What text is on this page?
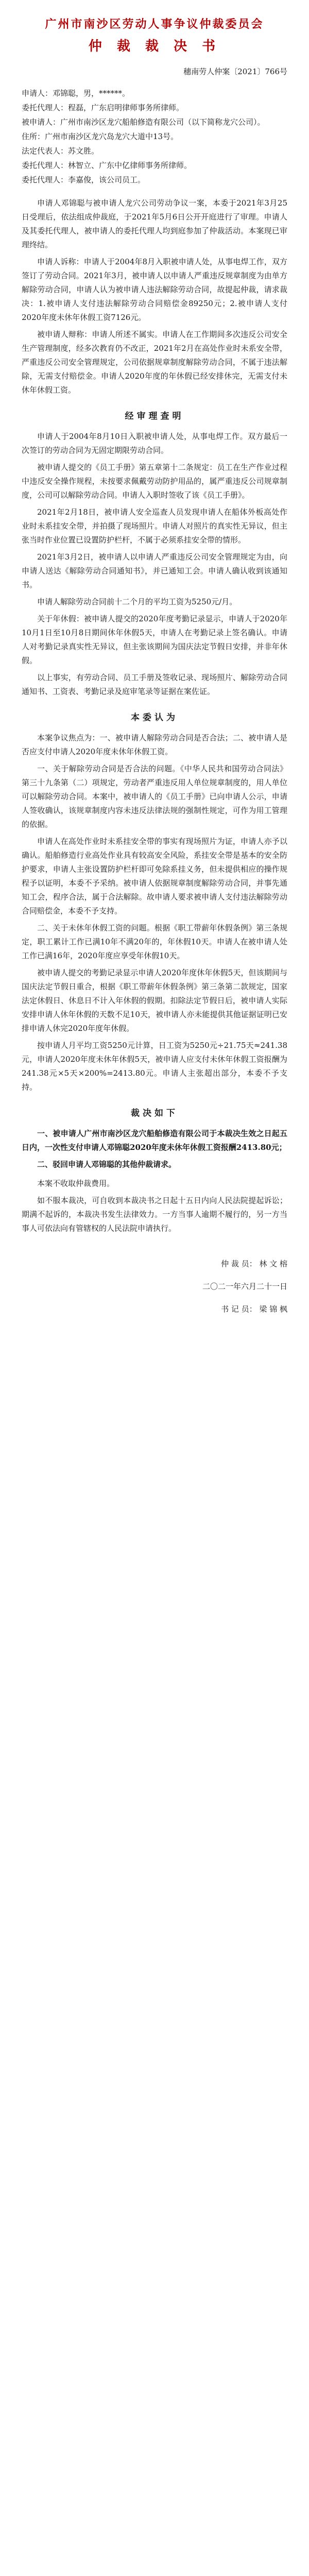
广州市南沙区劳动人事争议仲裁委员会
仲 裁 裁 决 书

穗南劳人仲案〔2021〕766号

申请人：邓锦聪，男，******。

委托代理人：程磊，广东启明律师事务所律师。

被申请人：广州市南沙区龙穴船舶修造有限公司（以下简称龙穴公司）。

住所：广州市南沙区龙穴岛龙穴大道中13号。

法定代表人：苏文胜。

委托代理人：林智立、广东中亿律师事务所律师。

委托代理人：李嘉俊，该公司员工。

申请人邓锦聪与被申请人龙穴公司劳动争议一案，本委于2021年3月25日受理后，依法组成仲裁庭，于2021年5月6日公开开庭进行了审理。申请人及其委托代理人，被申请人的委托代理人均到庭参加了仲裁活动。本案现已审理终结。

申请人诉称：申请人于2004年8月入职被申请人处，从事电焊工作，双方签订了劳动合同。2021年3月，被申请人以申请人严重违反规章制度为由单方解除劳动合同，申请人认为被申请人违法解除劳动合同，故提起仲裁，请求裁决：1.被申请人支付违法解除劳动合同赔偿金89250元；2.被申请人支付2020年度未休年休假工资7126元。

被申请人辩称：申请人所述不属实。申请人在工作期间多次违反公司安全生产管理制度，经多次教育仍不改正，2021年2月在高处作业时未系安全带，严重违反公司安全管理规定，公司依据规章制度解除劳动合同，不属于违法解除，无需支付赔偿金。申请人2020年度的年休假已经安排休完，无需支付未休年休假工资。

经审理查明

申请人于2004年8月10日入职被申请人处，从事电焊工作。双方最后一次签订的劳动合同为无固定期限劳动合同。

被申请人提交的《员工手册》第五章第十二条规定：员工在生产作业过程中违反安全操作规程，未按要求佩戴劳动防护用品的，属严重违反公司规章制度，公司可以解除劳动合同。申请人入职时签收了该《员工手册》。

2021年2月18日，被申请人安全巡查人员发现申请人在船体外板高处作业时未系挂安全带，并拍摄了现场照片。申请人对照片的真实性无异议，但主张当时作业位置已设置防护栏杆，不属于必须系挂安全带的情形。

2021年3月2日，被申请人以申请人严重违反公司安全管理规定为由，向申请人送达《解除劳动合同通知书》，并已通知工会。申请人确认收到该通知书。

申请人解除劳动合同前十二个月的平均工资为5250元/月。

关于年休假：被申请人提交的2020年度考勤记录显示，申请人于2020年10月1日至10月8日期间休年休假5天，申请人在考勤记录上签名确认。申请人对考勤记录真实性无异议，但主张该期间为国庆法定节假日安排，并非年休假。

以上事实，有劳动合同、员工手册及签收记录、现场照片、解除劳动合同通知书、工资表、考勤记录及庭审笔录等证据在案佐证。

本委认为

本案争议焦点为：一、被申请人解除劳动合同是否合法；二、被申请人是否应支付申请人2020年度未休年休假工资。

一、关于解除劳动合同是否合法的问题。《中华人民共和国劳动合同法》第三十九条第（二）项规定，劳动者严重违反用人单位规章制度的，用人单位可以解除劳动合同。本案中，被申请人的《员工手册》已向申请人公示，申请人签收确认，该规章制度内容未违反法律法规的强制性规定，可作为用工管理的依据。

申请人在高处作业时未系挂安全带的事实有现场照片为证，申请人亦予以确认。船舶修造行业高处作业具有较高安全风险，系挂安全带是基本的安全防护要求，申请人主张设置防护栏杆即可免除系挂义务，但未提供相应的操作规程予以证明，本委不予采纳。被申请人依据规章制度解除劳动合同，并事先通知工会，程序合法，属于合法解除。故申请人要求被申请人支付违法解除劳动合同赔偿金，本委不予支持。

二、关于未休年休假工资的问题。根据《职工带薪年休假条例》第三条规定，职工累计工作已满10年不满20年的，年休假10天。申请人在被申请人处工作已满16年，2020年度应享受年休假10天。

被申请人提交的考勤记录显示申请人2020年度休年休假5天，但该期间与国庆法定节假日重合，根据《职工带薪年休假条例》第三条第二款规定，国家法定休假日、休息日不计入年休假的假期。扣除法定节假日后，被申请人实际安排申请人休年休假的天数不足10天，被申请人亦未能提供其他证据证明已安排申请人休完2020年度年休假。

按申请人月平均工资5250元计算，日工资为5250元÷21.75天≈241.38元，申请人2020年度未休年休假5天，被申请人应支付未休年休假工资报酬为241.38元×5天×200%=2413.80元。申请人主张超出部分，本委不予支持。

裁决如下

一、被申请人广州市南沙区龙穴船舶修造有限公司于本裁决生效之日起五日内，一次性支付申请人邓锦聪2020年度未休年休假工资报酬2413.80元；

二、驳回申请人邓锦聪的其他仲裁请求。

本案不收取仲裁费用。

如不服本裁决，可自收到本裁决书之日起十五日内向人民法院提起诉讼；期满不起诉的，本裁决书发生法律效力。一方当事人逾期不履行的，另一方当事人可依法向有管辖权的人民法院申请执行。

仲 裁 员： 林 文 榕

二〇二一年六月二十一日

书 记 员： 梁 锦 枫
